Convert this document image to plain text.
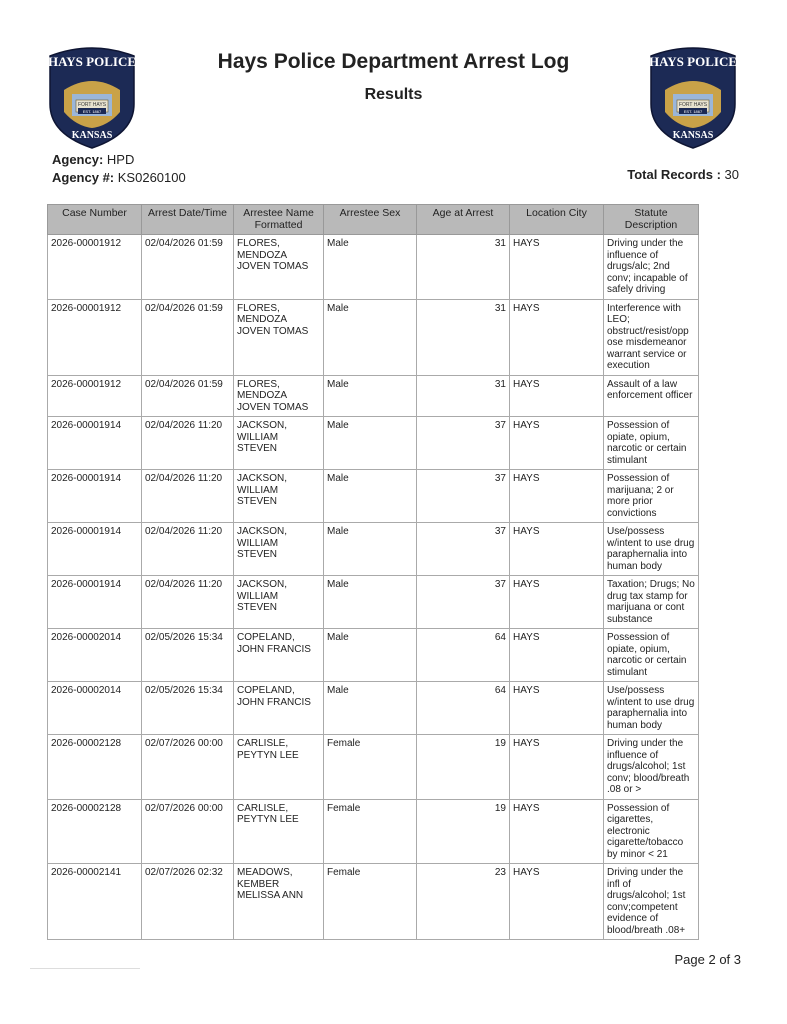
HAYS POLICE
FORT HAYS
EST. 1867
KANSAS
HAYS POLICE
FORT HAYS
EST. 1867
KANSAS
Hays Police Department Arrest Log
Results
Agency: HPD
Agency #: KS0260100	Total Records : 30
Case Number	Arrest Date/Time	Arrestee Name Formatted	Arrestee Sex	Age at Arrest	Location City	Statute Description
2026-00001912	02/04/2026 01:59	FLORES, MENDOZA JOVEN TOMAS	Male	31	HAYS	Driving under the influence of drugs/alc; 2nd conv; incapable of safely driving
2026-00001912	02/04/2026 01:59	FLORES, MENDOZA JOVEN TOMAS	Male	31	HAYS	Interference with LEO; obstruct/resist/opp ose misdemeanor warrant service or execution
2026-00001912	02/04/2026 01:59	FLORES, MENDOZA JOVEN TOMAS	Male	31	HAYS	Assault of a law enforcement officer
2026-00001914	02/04/2026 11:20	JACKSON, WILLIAM STEVEN	Male	37	HAYS	Possession of opiate, opium, narcotic or certain stimulant
2026-00001914	02/04/2026 11:20	JACKSON, WILLIAM STEVEN	Male	37	HAYS	Possession of marijuana; 2 or more prior convictions
2026-00001914	02/04/2026 11:20	JACKSON, WILLIAM STEVEN	Male	37	HAYS	Use/possess w/intent to use drug paraphernalia into human body
2026-00001914	02/04/2026 11:20	JACKSON, WILLIAM STEVEN	Male	37	HAYS	Taxation; Drugs; No drug tax stamp for marijuana or cont substance
2026-00002014	02/05/2026 15:34	COPELAND, JOHN FRANCIS	Male	64	HAYS	Possession of opiate, opium, narcotic or certain stimulant
2026-00002014	02/05/2026 15:34	COPELAND, JOHN FRANCIS	Male	64	HAYS	Use/possess w/intent to use drug paraphernalia into human body
2026-00002128	02/07/2026 00:00	CARLISLE, PEYTYN LEE	Female	19	HAYS	Driving under the influence of drugs/alcohol; 1st conv; blood/breath .08 or >
2026-00002128	02/07/2026 00:00	CARLISLE, PEYTYN LEE	Female	19	HAYS	Possession of cigarettes, electronic cigarette/tobacco by minor < 21
2026-00002141	02/07/2026 02:32	MEADOWS, KEMBER MELISSA ANN	Female	23	HAYS	Driving under the infl of drugs/alcohol; 1st conv;competent evidence of blood/breath .08+
Page 2 of 3
